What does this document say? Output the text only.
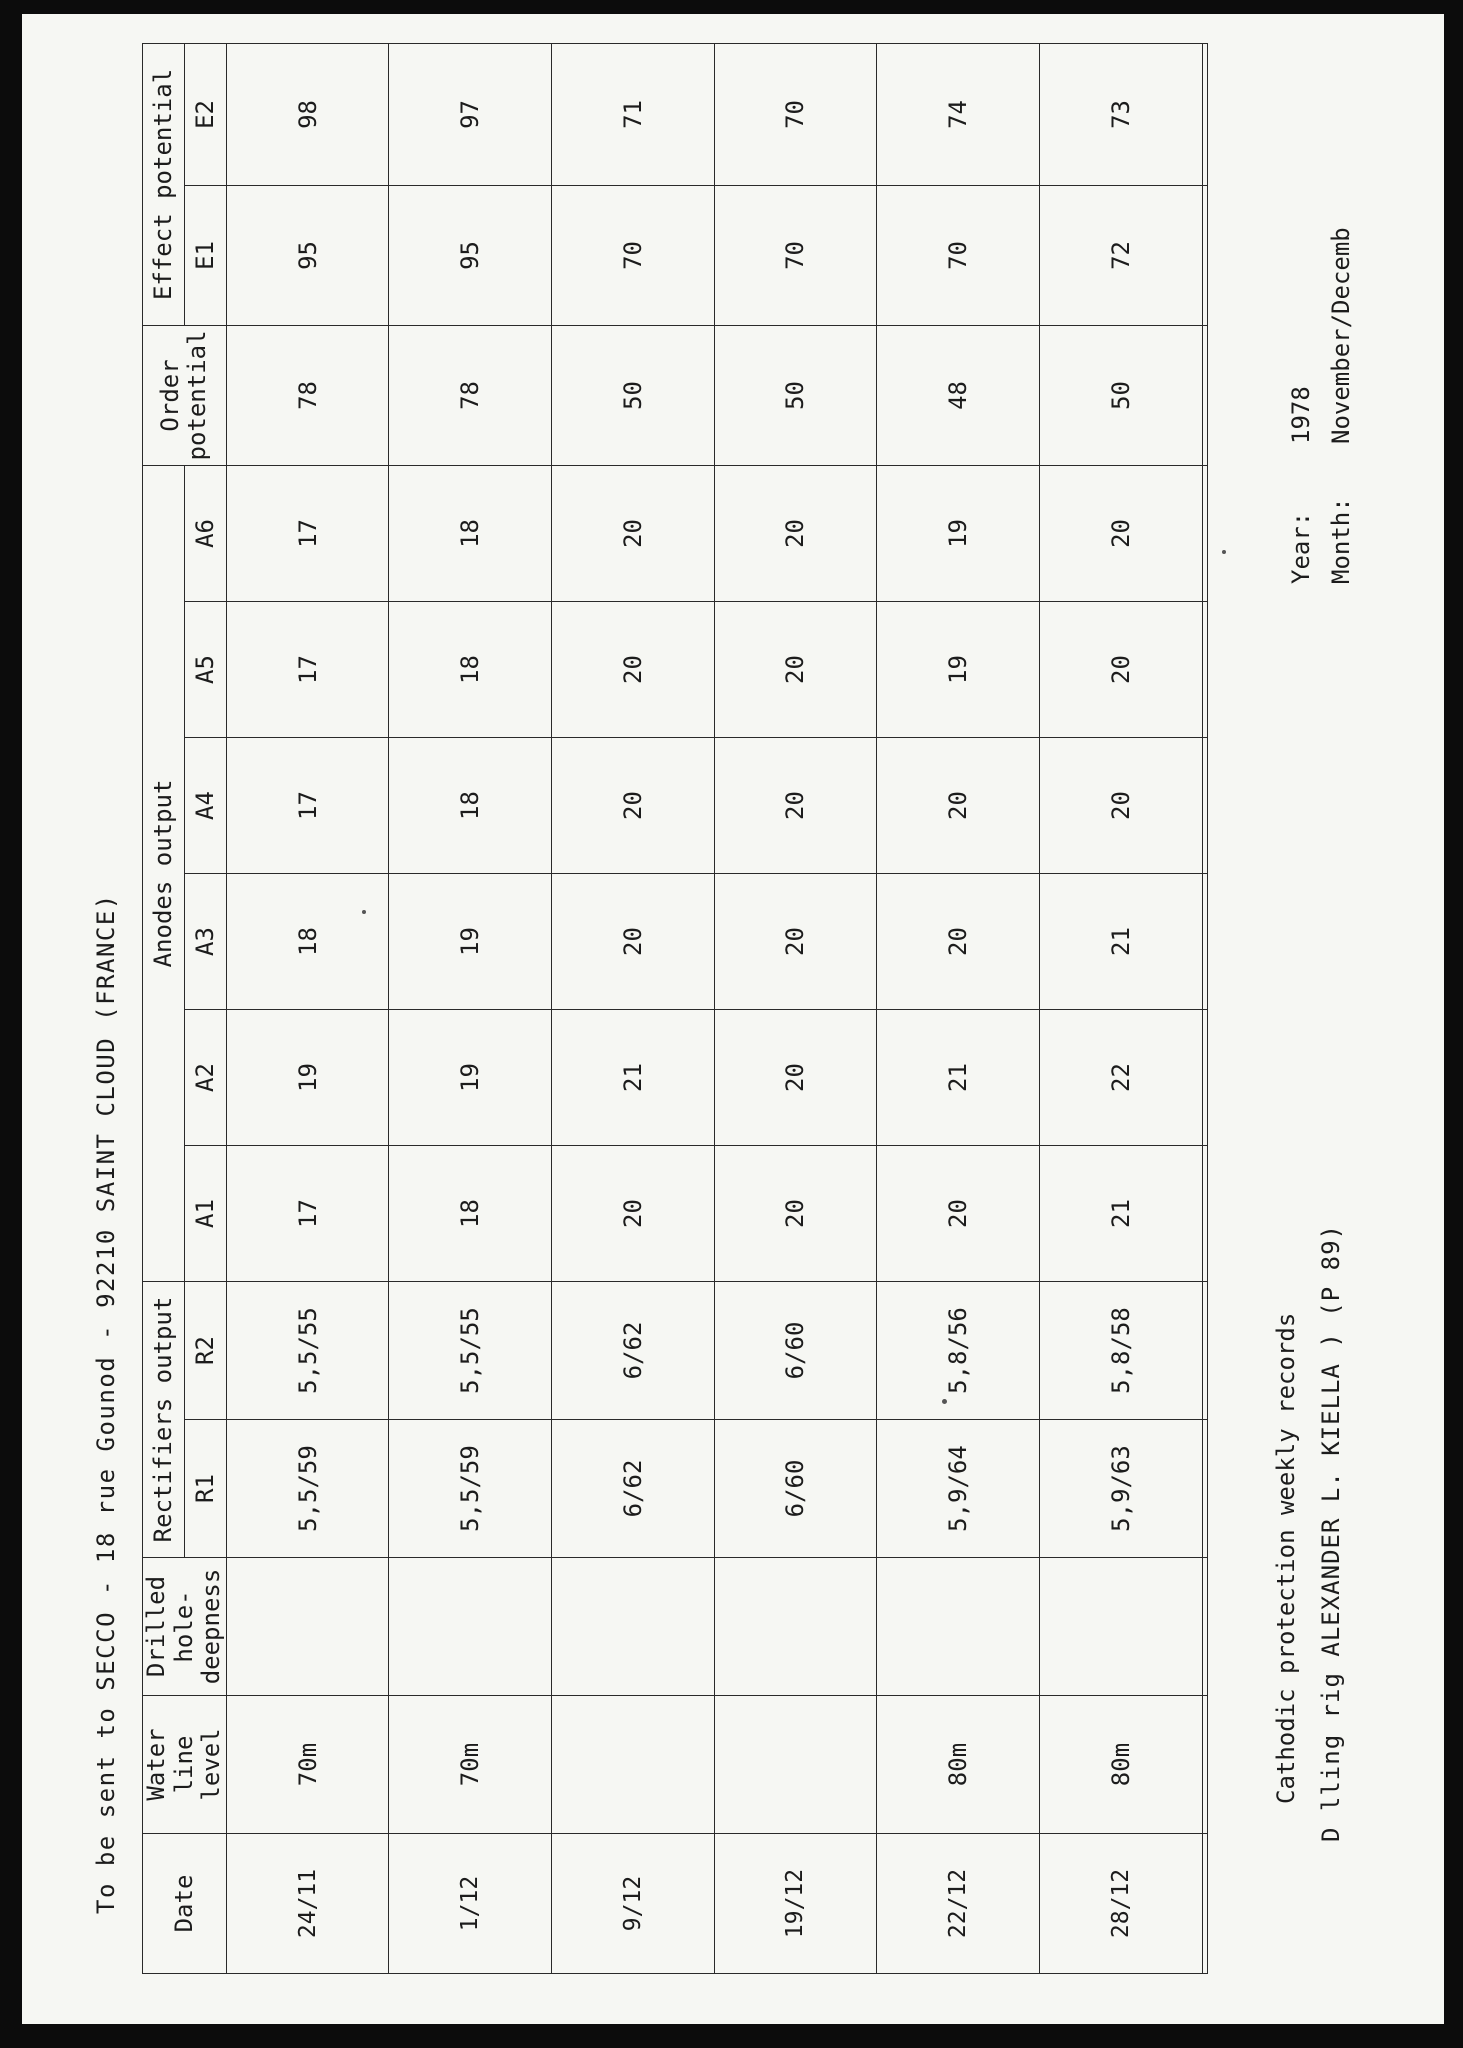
D lling rig ALEXANDER L. KIELLA ) (P 89)
Cathodic protection weekly records
Month:
November/Decemb
Year:
1978
Date	Water
line
level	Drilled
hole-
deepness	Rectifiers output		Anodes output						Order
potential	Effect potential	
			R1	R2	A1	A2	A3	A4	A5	A6		E1	E2
24/11	70m		5,5/59	5,5/55	17	19	18	17	17	17	78	95	98
1/12	70m		5,5/59	5,5/55	18	19	19	18	18	18	78	95	97
9/12			6/62	6/62	20	21	20	20	20	20	50	70	71
19/12			6/60	6/60	20	20	20	20	20	20	50	70	70
22/12	80m		5,9/64	5,8/56	20	21	20	20	19	19	48	70	74
28/12	80m		5,9/63	5,8/58	21	22	21	20	20	20	50	72	73

To be sent to SECCO - 18 rue Gounod - 92210 SAINT CLOUD (FRANCE)
